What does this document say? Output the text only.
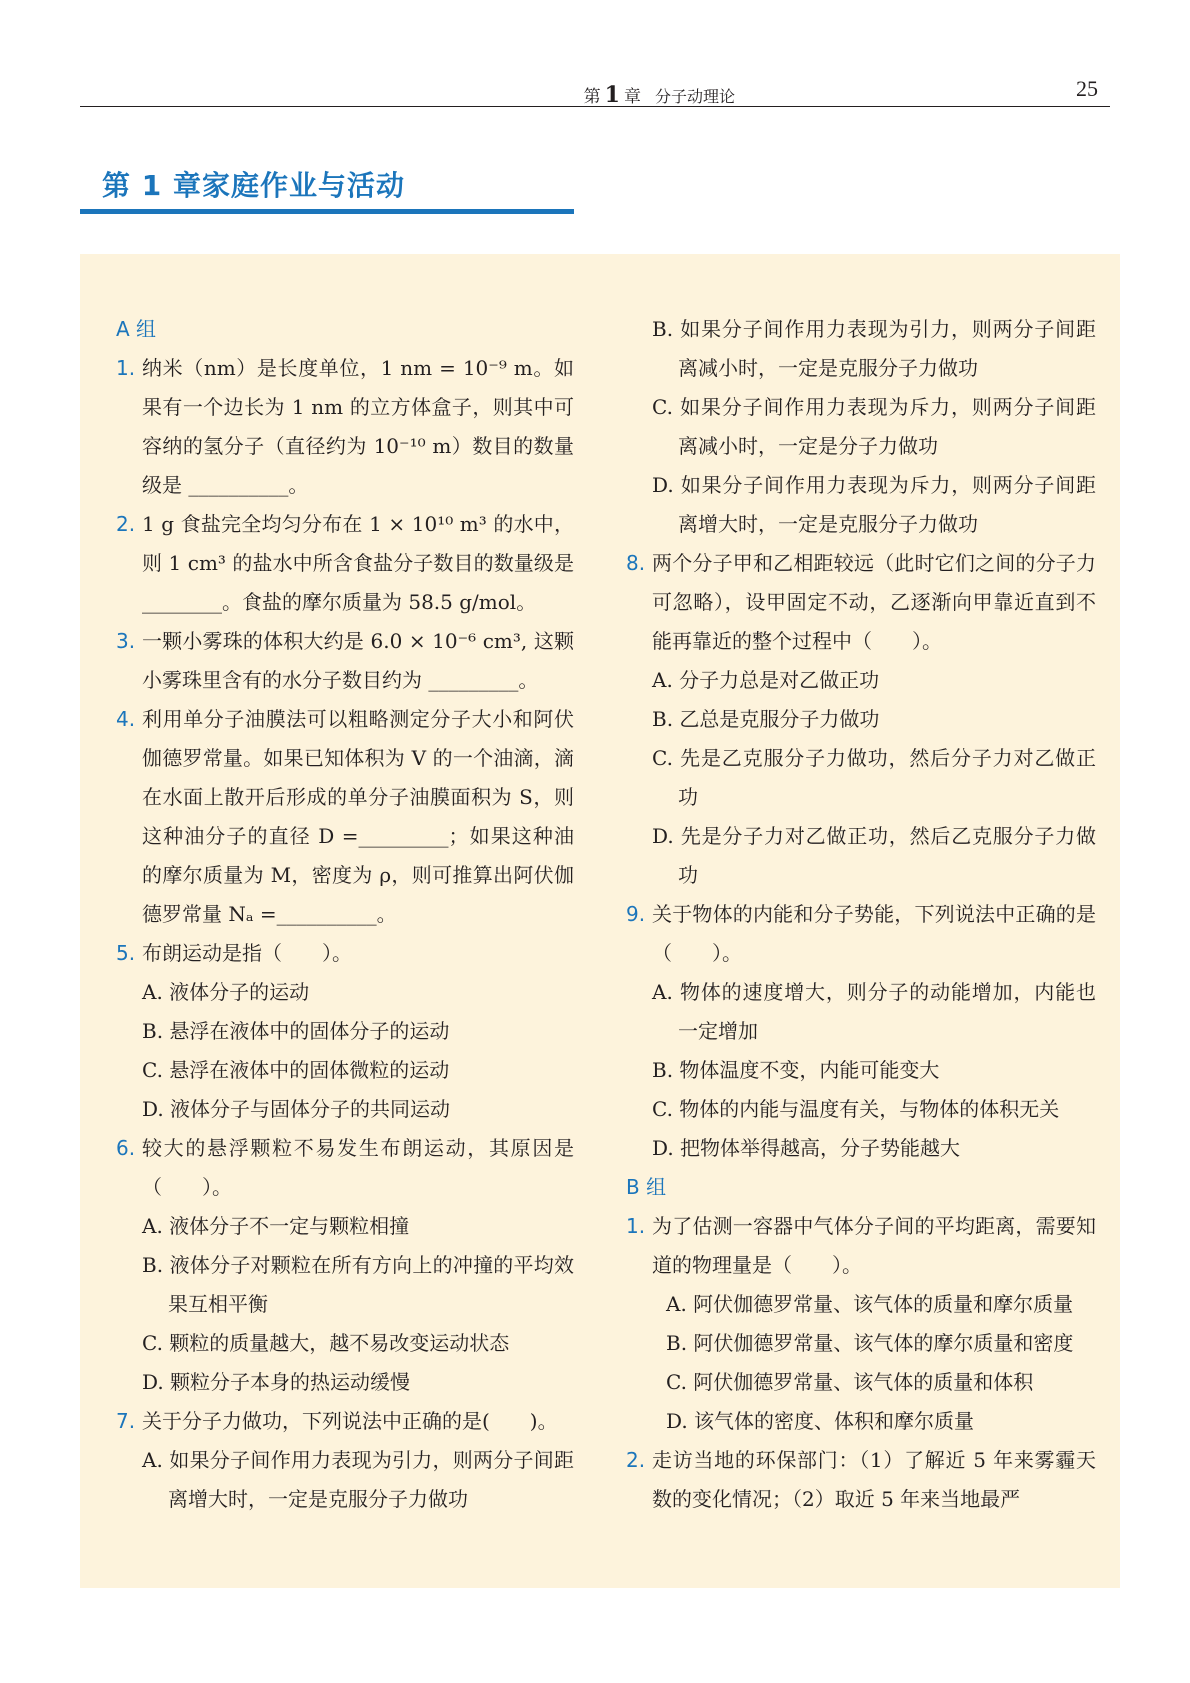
第 1 章 分子动理论	25
第 1 章家庭作业与活动
A 组
1. 纳米（nm）是长度单位，1 nm = 10⁻⁹ m。如果有一个边长为 1 nm 的立方体盒子，则其中可容纳的氢分子（直径约为 10⁻¹⁰ m）数目的数量级是 __________。
2. 1 g 食盐完全均匀分布在 1 × 10¹⁰ m³ 的水中，则 1 cm³ 的盐水中所含食盐分子数目的数量级是 ________。食盐的摩尔质量为 58.5 g/mol。
3. 一颗小雾珠的体积大约是 6.0 × 10⁻⁶ cm³, 这颗小雾珠里含有的水分子数目约为 _________。
4. 利用单分子油膜法可以粗略测定分子大小和阿伏伽德罗常量。如果已知体积为 V 的一个油滴，滴在水面上散开后形成的单分子油膜面积为 S，则这种油分子的直径 D =_________；如果这种油的摩尔质量为 M，密度为 ρ，则可推算出阿伏伽德罗常量 Nₐ =__________。
5. 布朗运动是指（　　）。
A. 液体分子的运动
B. 悬浮在液体中的固体分子的运动
C. 悬浮在液体中的固体微粒的运动
D. 液体分子与固体分子的共同运动
6. 较大的悬浮颗粒不易发生布朗运动，其原因是（　　）。
A. 液体分子不一定与颗粒相撞
B. 液体分子对颗粒在所有方向上的冲撞的平均效果互相平衡
C. 颗粒的质量越大，越不易改变运动状态
D. 颗粒分子本身的热运动缓慢
7. 关于分子力做功，下列说法中正确的是(　　)。
A. 如果分子间作用力表现为引力，则两分子间距离增大时，一定是克服分子力做功
B. 如果分子间作用力表现为引力，则两分子间距离减小时，一定是克服分子力做功
C. 如果分子间作用力表现为斥力，则两分子间距离减小时，一定是分子力做功
D. 如果分子间作用力表现为斥力，则两分子间距离增大时，一定是克服分子力做功
8. 两个分子甲和乙相距较远（此时它们之间的分子力可忽略），设甲固定不动，乙逐渐向甲靠近直到不能再靠近的整个过程中（　　）。
A. 分子力总是对乙做正功
B. 乙总是克服分子力做功
C. 先是乙克服分子力做功，然后分子力对乙做正功
D. 先是分子力对乙做正功，然后乙克服分子力做功
9. 关于物体的内能和分子势能，下列说法中正确的是（　　）。
A. 物体的速度增大，则分子的动能增加，内能也一定增加
B. 物体温度不变，内能可能变大
C. 物体的内能与温度有关，与物体的体积无关
D. 把物体举得越高，分子势能越大
B 组
1. 为了估测一容器中气体分子间的平均距离，需要知道的物理量是（　　）。
A. 阿伏伽德罗常量、该气体的质量和摩尔质量
B. 阿伏伽德罗常量、该气体的摩尔质量和密度
C. 阿伏伽德罗常量、该气体的质量和体积
D. 该气体的密度、体积和摩尔质量
2. 走访当地的环保部门：（1）了解近 5 年来雾霾天数的变化情况；（2）取近 5 年来当地最严
